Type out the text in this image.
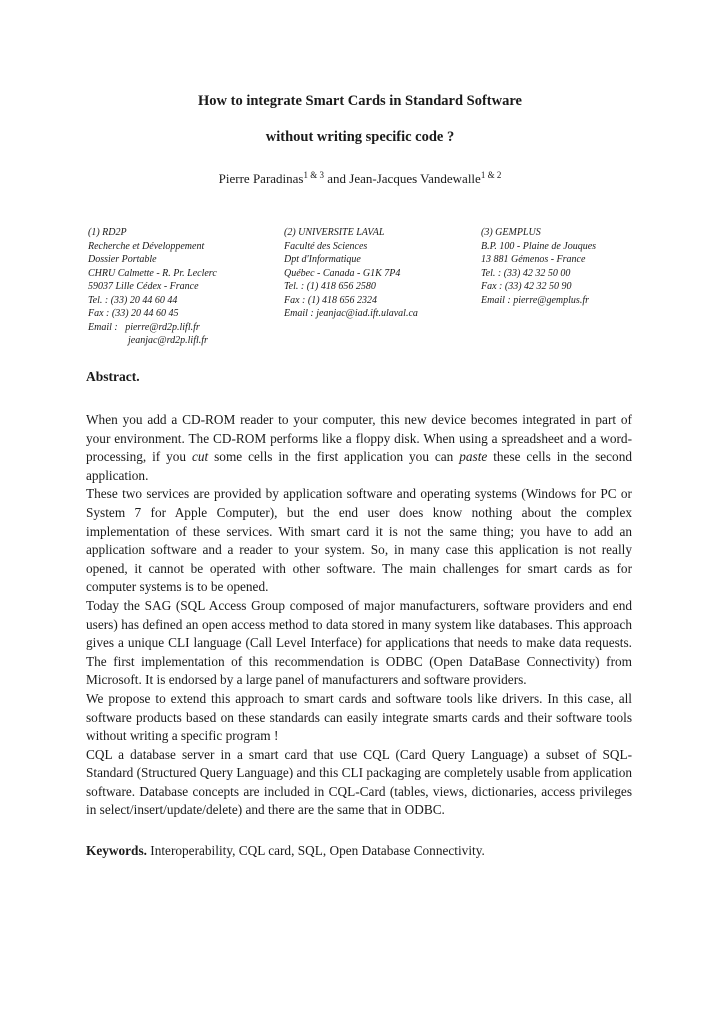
How to integrate Smart Cards in Standard Software
without writing specific code ?
Pierre Paradinas$^{1 \& 3}$ and Jean-Jacques Vandewalle$^{1 \& 2}$
(1) RD2P
Recherche et Développement
Dossier Portable
CHRU Calmette - R. Pr. Leclerc
59037 Lille Cédex - France
Tel. : (33) 20 44 60 44
Fax : (33) 20 44 60 45
Email :   pierre@rd2p.lifl.fr
jeanjac@rd2p.lifl.fr
(2) UNIVERSITE LAVAL
Faculté des Sciences
Dpt d'Informatique
Québec - Canada - G1K 7P4
Tel. : (1) 418 656 2580
Fax : (1) 418 656 2324
Email : jeanjac@iad.ift.ulaval.ca
(3) GEMPLUS
B.P. 100 - Plaine de Jouques
13 881 Gémenos - France
Tel. : (33) 42 32 50 00
Fax : (33) 42 32 50 90
Email : pierre@gemplus.fr
Abstract.

When you add a CD-ROM reader to your computer, this new device becomes integrated in part of your environment. The CD-ROM performs like a floppy disk. When using a spreadsheet and a word-processing, if you cut some cells in the first application you can paste these cells in the second application.

These two services are provided by application software and operating systems (Windows for PC or System 7 for Apple Computer), but the end user does know nothing about the complex implementation of these services. With smart card it is not the same thing; you have to add an application software and a reader to your system. So, in many case this application is not really opened, it cannot be operated with other software. The main challenges for smart cards as for computer systems is to be opened.

Today the SAG (SQL Access Group composed of major manufacturers, software providers and end users) has defined an open access method to data stored in many system like databases. This approach gives a unique CLI language (Call Level Interface) for applications that needs to make data requests. The first implementation of this recommendation is ODBC (Open DataBase Connectivity) from Microsoft. It is endorsed by a large panel of manufacturers and software providers.

We propose to extend this approach to smart cards and software tools like drivers. In this case, all software products based on these standards can easily integrate smarts cards and their software tools without writing a specific program !

CQL a database server in a smart card that use CQL (Card Query Language) a subset of SQL-Standard (Structured Query Language) and this CLI packaging are completely usable from application software. Database concepts are included in CQL-Card (tables, views, dictionaries, access privileges in select/insert/update/delete) and there are the same that in ODBC.

Keywords. Interoperability, CQL card, SQL, Open Database Connectivity.
